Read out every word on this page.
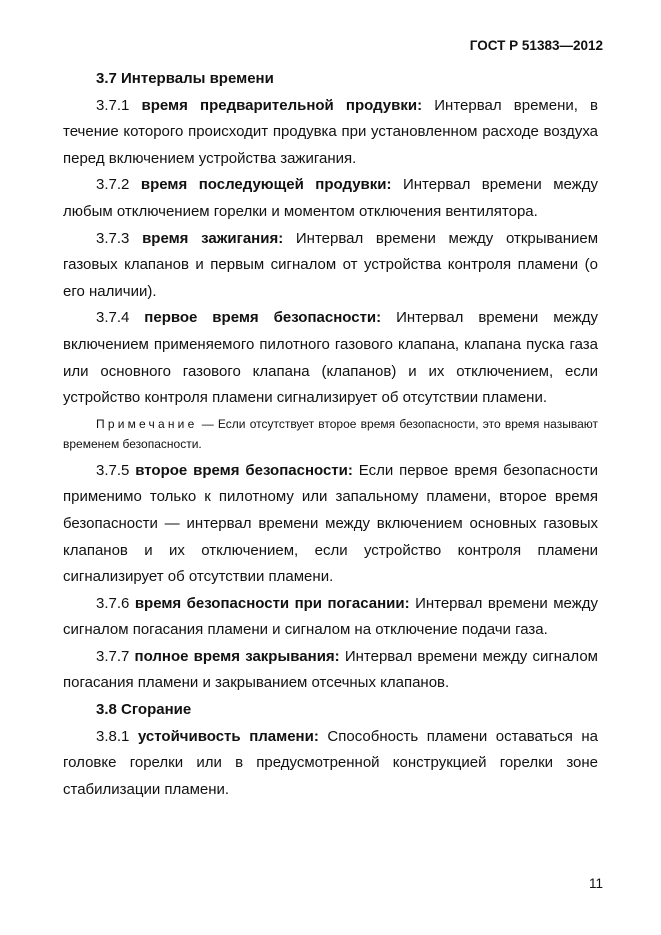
ГОСТ Р 51383—2012

3.7 Интервалы времени

3.7.1 время предварительной продувки: Интервал времени, в течение которого происходит продувка при установленном расходе воздуха перед включением устройства зажигания.

3.7.2 время последующей продувки: Интервал времени между любым отключением горелки и моментом отключения вентилятора.

3.7.3 время зажигания: Интервал времени между открыванием газовых клапанов и первым сигналом от устройства контроля пламени (о его наличии).

3.7.4 первое время безопасности: Интервал времени между включением применяемого пилотного газового клапана, клапана пуска газа или основного газового клапана (клапанов) и их отключением, если устройство контроля пламени сигнализирует об отсутствии пламени.

Примечание — Если отсутствует второе время безопасности, это время называют временем безопасности.

3.7.5 второе время безопасности: Если первое время безопасности применимо только к пилотному или запальному пламени, второе время безопасности — интервал времени между включением основных газовых клапанов и их отключением, если устройство контроля пламени сигнализирует об отсутствии пламени.

3.7.6 время безопасности при погасании: Интервал времени между сигналом погасания пламени и сигналом на отключение подачи газа.

3.7.7 полное время закрывания: Интервал времени между сигналом погасания пламени и закрыванием отсечных клапанов.

3.8 Сгорание

3.8.1 устойчивость пламени: Способность пламени оставаться на головке горелки или в предусмотренной конструкцией горелки зоне стабилизации пламени.

11
